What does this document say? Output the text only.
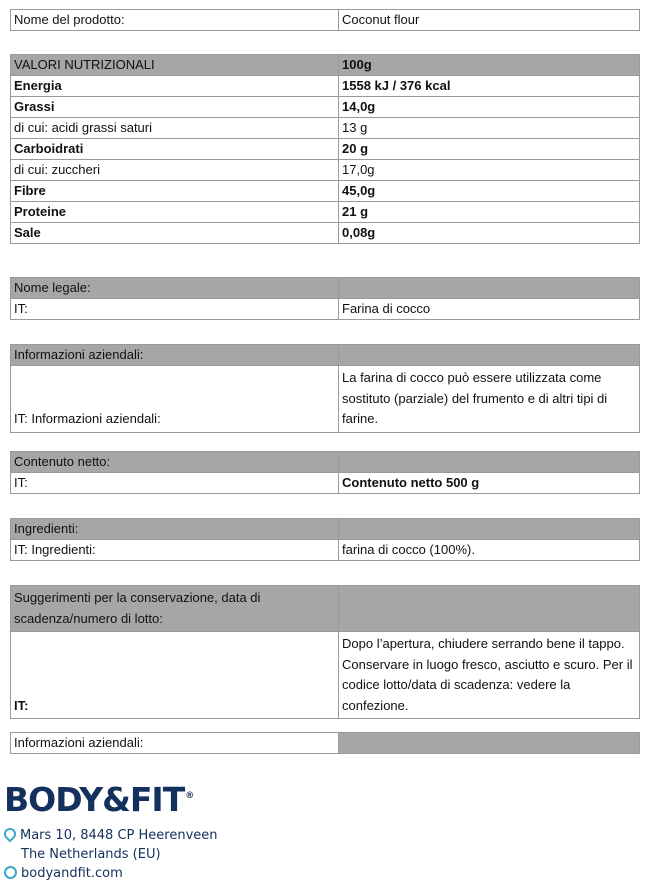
Nome del prodotto:	Coconut flour
VALORI NUTRIZIONALI	100g
Energia	1558 kJ / 376 kcal
Grassi	14,0g
di cui: acidi grassi saturi	13 g
Carboidrati	20 g
di cui: zuccheri	17,0g
Fibre	45,0g
Proteine	21 g
Sale	0,08g
Nome legale:	
IT:	Farina di cocco
Informazioni aziendali:	
IT: Informazioni aziendali:	La farina di cocco può essere utilizzata come sostituto (parziale) del frumento e di altri tipi di farine.
Contenuto netto:	
IT:	Contenuto netto 500 g
Ingredienti:	
IT: Ingredienti:	farina di cocco (100%).
Suggerimenti per la conservazione, data di scadenza/numero di lotto:	
IT:	Dopo l’apertura, chiudere serrando bene il tappo. Conservare in luogo fresco, asciutto e scuro. Per il codice lotto/data di scadenza: vedere la confezione.
Informazioni aziendali:	
BODY&FIT®
Mars 10, 8448 CP Heerenveen
The Netherlands (EU)
bodyandfit.com
